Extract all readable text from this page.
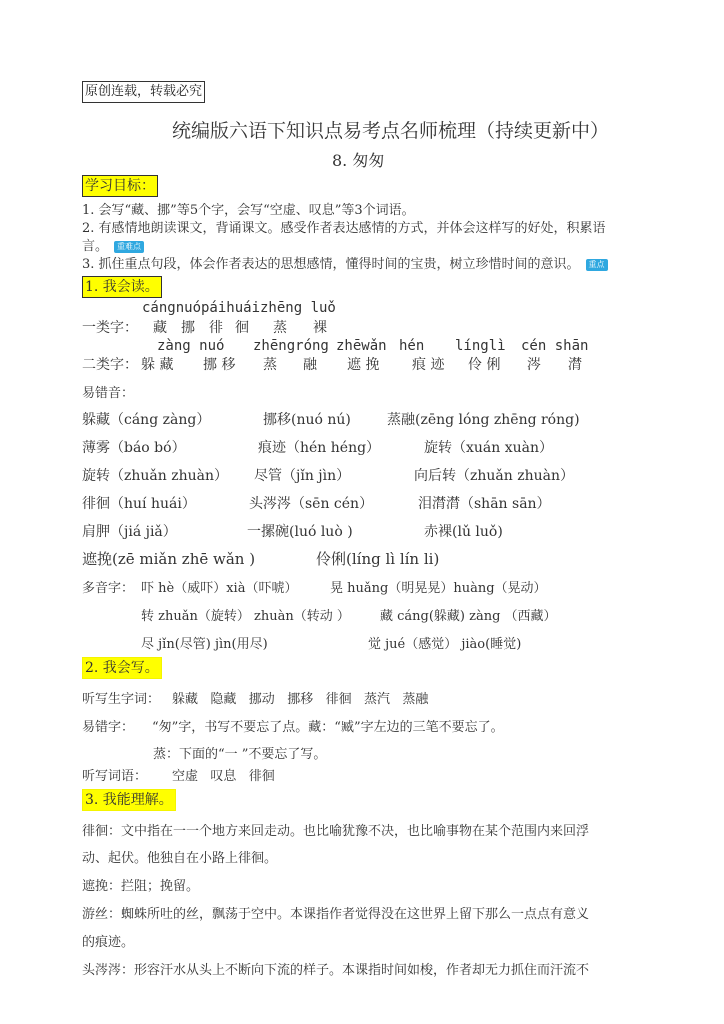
原创连载，转载必究
统编版六语下知识点易考点名师梳理（持续更新中）
8. 匆匆
学习目标：
1. 会写“藏、挪”等5个字，会写“空虚、叹息”等3个词语。
2. 有感情地朗读课文，背诵课文。感受作者表达感情的方式，并体会这样写的好处，积累语
言。 重难点
3. 抓住重点句段，体会作者表达的思想感情，懂得时间的宝贵，树立珍惜时间的意识。 重点
1. 我会读。
cángnuópáihuáizhēng luǒ
一类字： 藏 挪 徘 徊 蒸 裸
zàng nuó zhēngróng zhēwǎn hén línglì cén shān
二类字： 躲 藏 挪 移 蒸 融 遮 挽 痕 迹 伶 俐 涔 潸
易错音：
躲藏（cáng zàng）	挪移(nuó nú)	蒸融(zēng lóng zhēng róng)
薄雾（báo bó）	痕迹（hén héng）	旋转（xuán xuàn）
旋转（zhuǎn zhuàn） 尽管（jǐn jìn）	向后转（zhuǎn zhuàn）
徘徊（huí huái）	头涔涔（sēn cén）	泪潸潸（shān sān）
肩胛（jiá jiǎ）	一摞碗(luó luò )	赤裸(lǔ luǒ)
遮挽(zē miǎn zhē wǎn )	伶俐(líng lì lín li)
多音字： 吓 hè（威吓）xià（吓唬）	晃 huǎng（明晃晃）huàng（晃动）
转 zhuǎn（旋转） zhuàn（转动 ） 藏 cáng(躲藏) zàng （西藏）
尽 jǐn(尽管) jìn(用尽)	觉 jué（感觉） jiào(睡觉)
2. 我会写。
听写生字词： 躲藏   隐藏   挪动   挪移   徘徊   蒸汽   蒸融
易错字： “匆”字，书写不要忘了点。藏：“臧”字左边的三笔不要忘了。
蒸：下面的“一 ”不要忘了写。
听写词语： 空虚   叹息   徘徊
3. 我能理解。
徘徊：文中指在一一个地方来回走动。也比喻犹豫不决，也比喻事物在某个范围内来回浮
动、起伏。他独自在小路上徘徊。
遮挽：拦阻；挽留。
游丝：蜘蛛所吐的丝，飘荡于空中。本课指作者觉得没在这世界上留下那么一点点有意义
的痕迹。
头涔涔：形容汗水从头上不断向下流的样子。本课指时间如梭，作者却无力抓住而汗流不
